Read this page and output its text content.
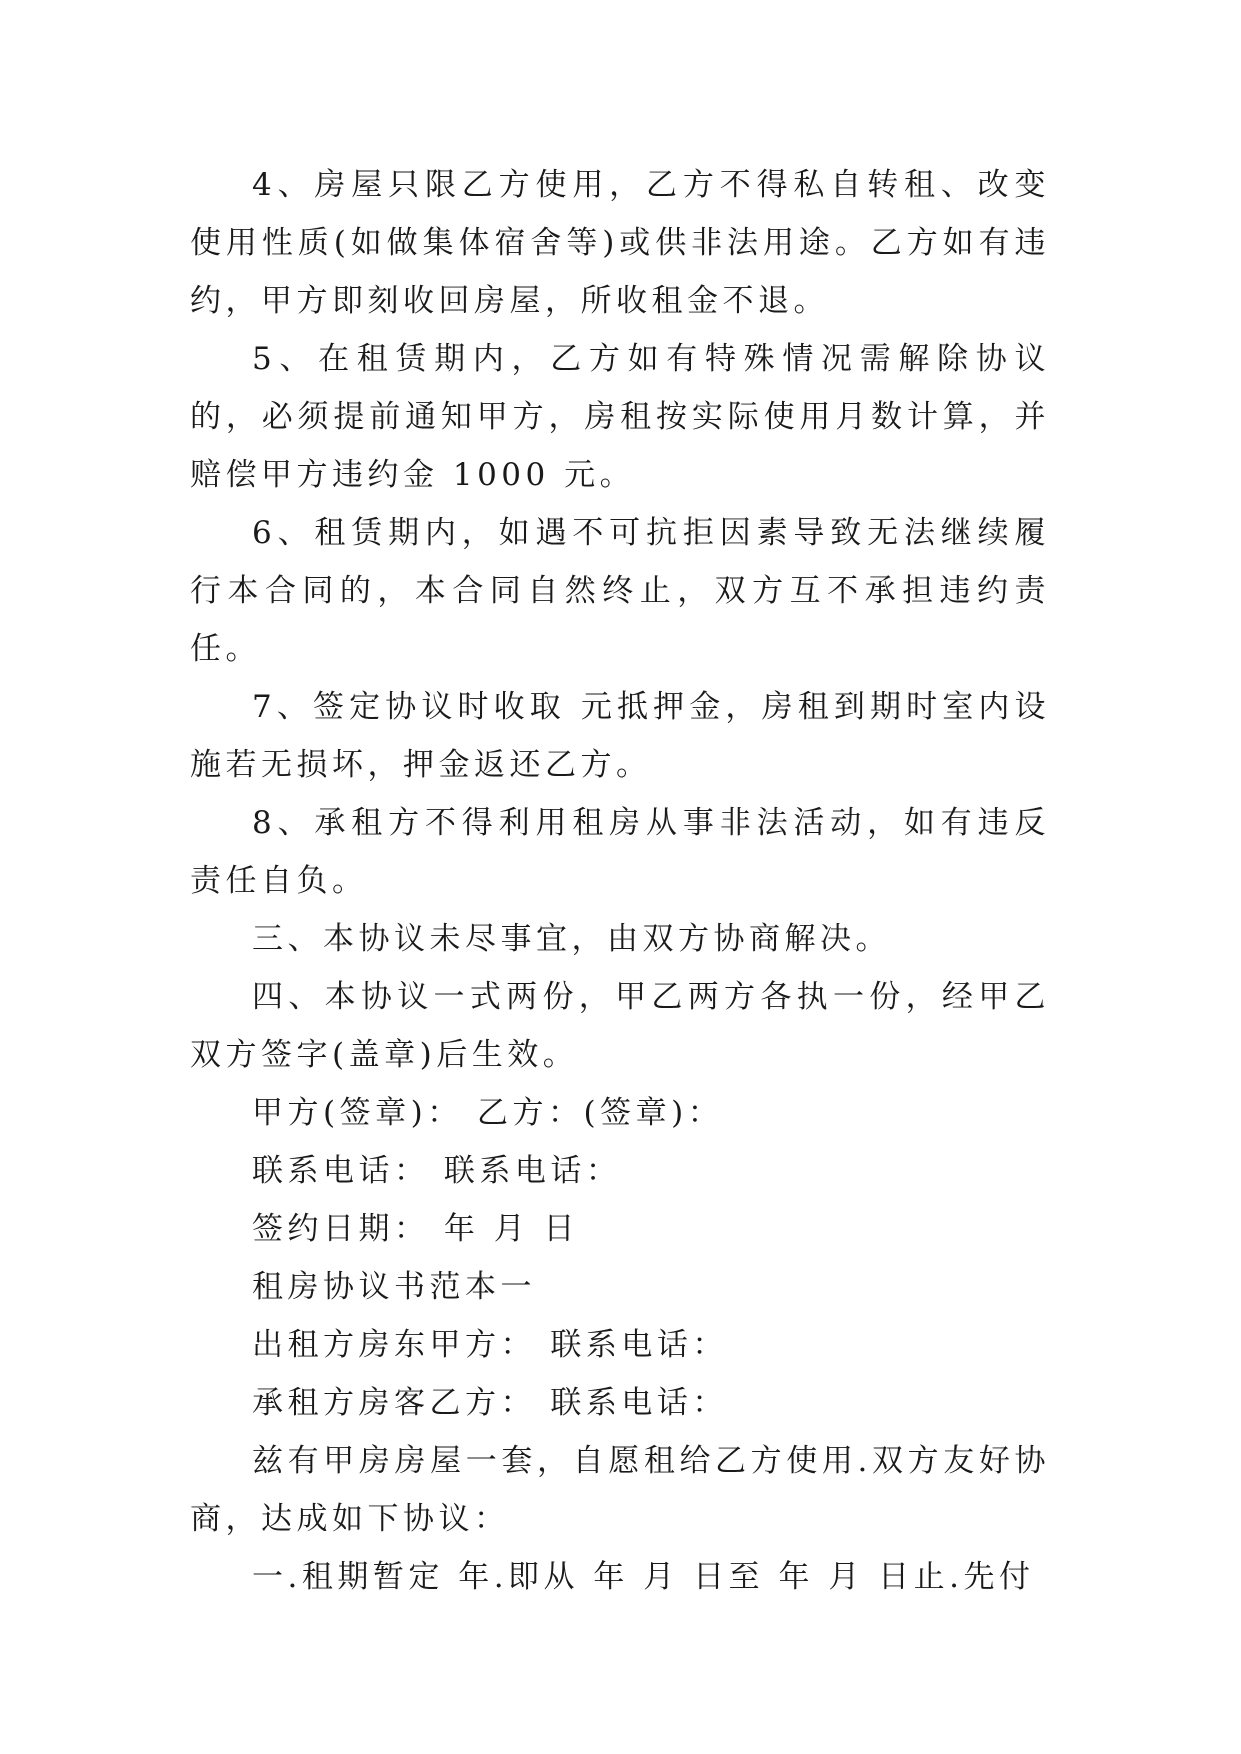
4、房屋只限乙方使用，乙方不得私自转租、改变使用性质(如做集体宿舍等)或供非法用途。乙方如有违约，甲方即刻收回房屋，所收租金不退。

5、在租赁期内，乙方如有特殊情况需解除协议的，必须提前通知甲方，房租按实际使用月数计算，并赔偿甲方违约金 1000 元。

6、租赁期内，如遇不可抗拒因素导致无法继续履行本合同的，本合同自然终止，双方互不承担违约责任。

7、签定协议时收取 元抵押金，房租到期时室内设施若无损坏，押金返还乙方。

8、承租方不得利用租房从事非法活动，如有违反责任自负。

三、本协议未尽事宜，由双方协商解决。

四、本协议一式两份，甲乙两方各执一份，经甲乙双方签字(盖章)后生效。

甲方(签章)： 乙方：(签章)：

联系电话： 联系电话：

签约日期： 年 月 日

租房协议书范本一

出租方房东甲方： 联系电话：

承租方房客乙方： 联系电话：

兹有甲房房屋一套，自愿租给乙方使用.双方友好协商，达成如下协议：

一.租期暂定 年.即从 年 月 日至 年 月 日止.先付
